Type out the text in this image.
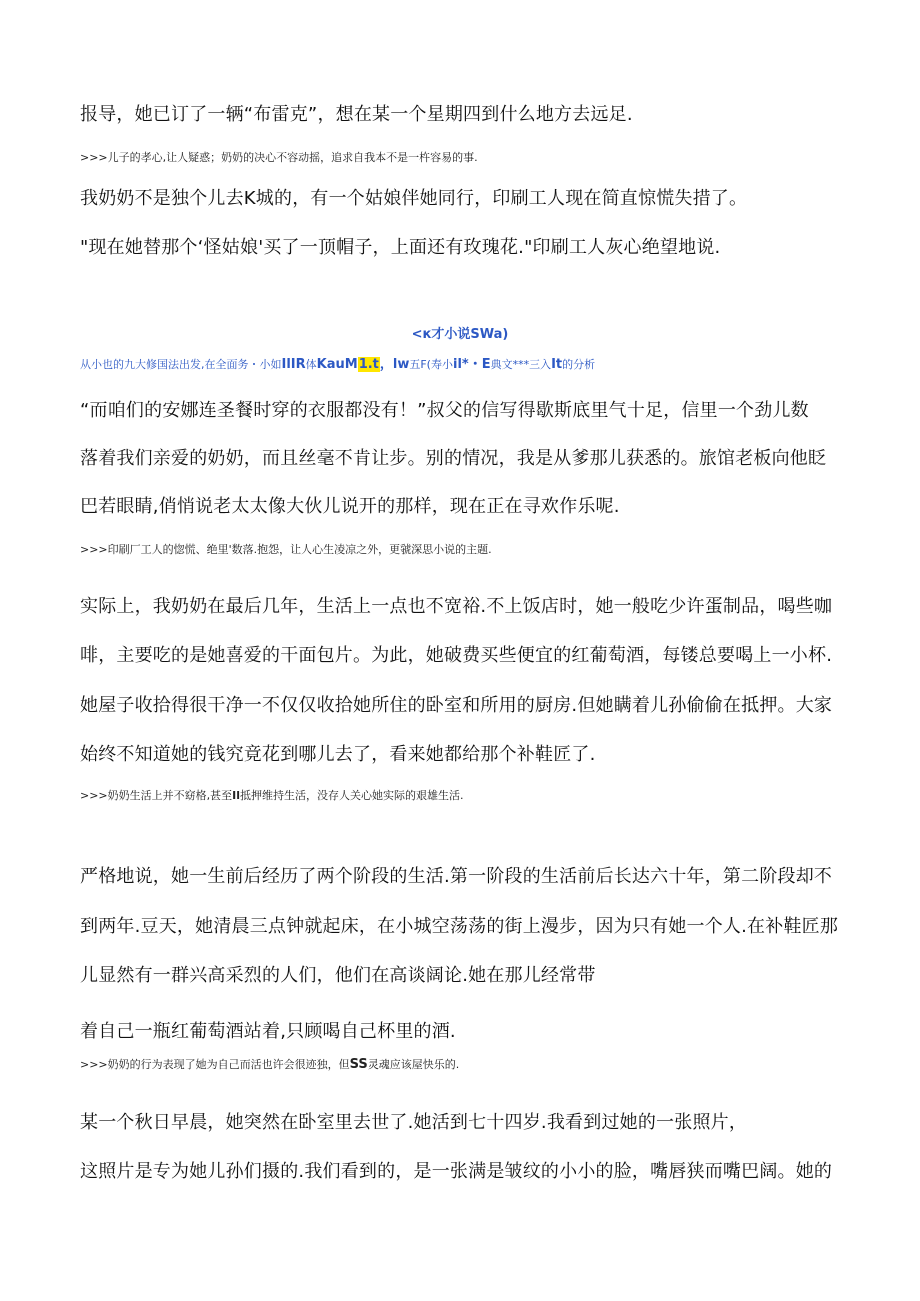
报导，她已订了一辆“布雷克”，想在某一个星期四到什么地方去远足.

>>>儿子的孝心,让人疑惑；奶奶的决心不容动摇，追求自我本不是一杵容易的事.

我奶奶不是独个儿去K城的，有一个姑娘伴她同行，印刷工人现在简直惊慌失措了。

"现在她替那个‘怪姑娘'买了一顶帽子，上面还有玫瑰花."印刷工人灰心绝望地说.

<к才小说SWa)
从小也的九大修国法出发,在全面务・小如IlIR体KauM1.t，lw五F(寿小il*・E典文***三入It的分析

“而咱们的安娜连圣餐时穿的衣服都没有！”叔父的信写得歇斯底里气十足，信里一个劲儿数

落着我们亲爱的奶奶，而且丝毫不肯让步。别的情况，我是从爹那儿获悉的。旅馆老板向他眨

巴若眼睛,俏悄说老太太像大伙儿说开的那样，现在正在寻欢作乐呢.

>>>印刷厂工人的惚慌、绝里'数落.抱怨，让人心生凌凉之外，更虢深思小说的主题.

实际上，我奶奶在最后几年，生活上一点也不宽裕.不上饭店时，她一般吃少许蛋制品，喝些咖

啡，主要吃的是她喜爱的干面包片。为此，她破费买些便宜的红葡萄酒，每镂总要喝上一小杯.

她屋子收拾得很干净一不仅仅收拾她所住的卧室和所用的厨房.但她瞒着儿孙偷偷在抵押。大家

始终不知道她的钱究竟花到哪儿去了，看来她都给那个补鞋匠了.

>>>奶奶生活上并不窈格,甚至Il抵押维持生活，没存人关心她实际的艰雄生活.

严格地说，她一生前后经历了两个阶段的生活.第一阶段的生活前后长达六十年，第二阶段却不

到两年.豆天，她清晨三点钟就起床，在小城空荡荡的街上漫步，因为只有她一个人.在补鞋匠那

儿显然有一群兴高采烈的人们，他们在高谈阔论.她在那儿经常带

着自己一瓶红葡萄酒站着,只顾喝自己杯里的酒.

>>>奶奶的行为表现了她为自己而活也许会很迹独，但SS灵魂应该屋快乐的.

某一个秋日早晨，她突然在卧室里去世了.她活到七十四岁.我看到过她的一张照片，

这照片是专为她儿孙们摄的.我们看到的，是一张满是皱纹的小小的脸，嘴唇狭而嘴巴阔。她的
